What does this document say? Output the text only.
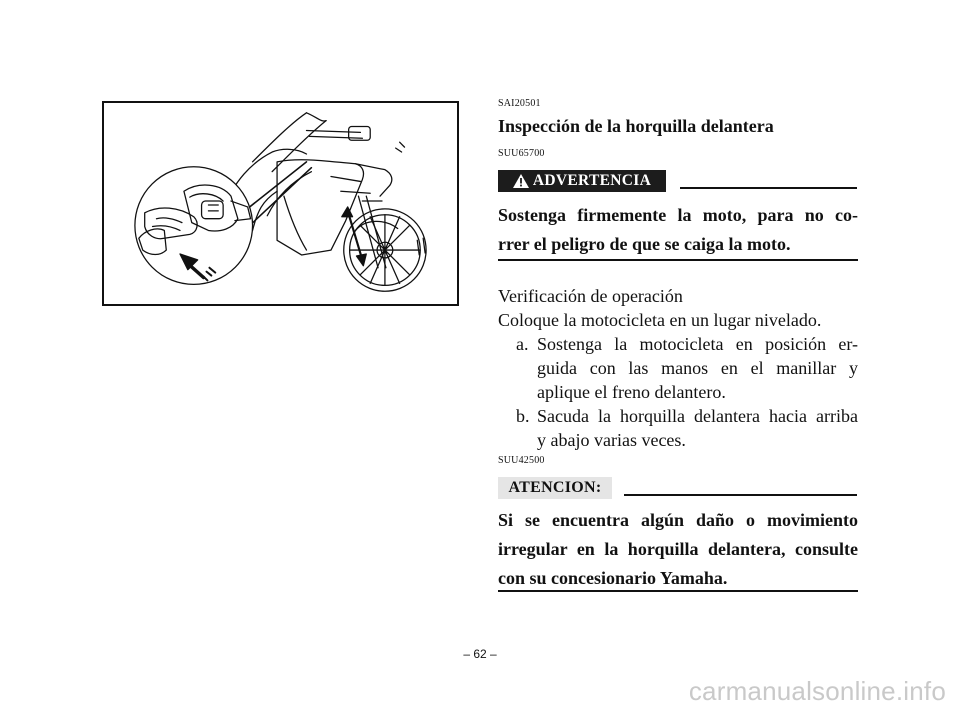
SAI20501
Inspección de la horquilla delantera
SUU65700
ADVERTENCIA
Sostenga firmemente la moto, para no co-
rrer el peligro de que se caiga la moto.
Verificación de operación
Coloque la motocicleta en un lugar nivelado.
a. Sostenga la motocicleta en posición er-
guida con las manos en el manillar y
aplique el freno delantero.
b. Sacuda la horquilla delantera hacia arriba
y abajo varias veces.
SUU42500
ATENCION:
Si se encuentra algún daño o movimiento
irregular en la horquilla delantera, consulte
con su concesionario Yamaha.
– 62 –
carmanualsonline.info
